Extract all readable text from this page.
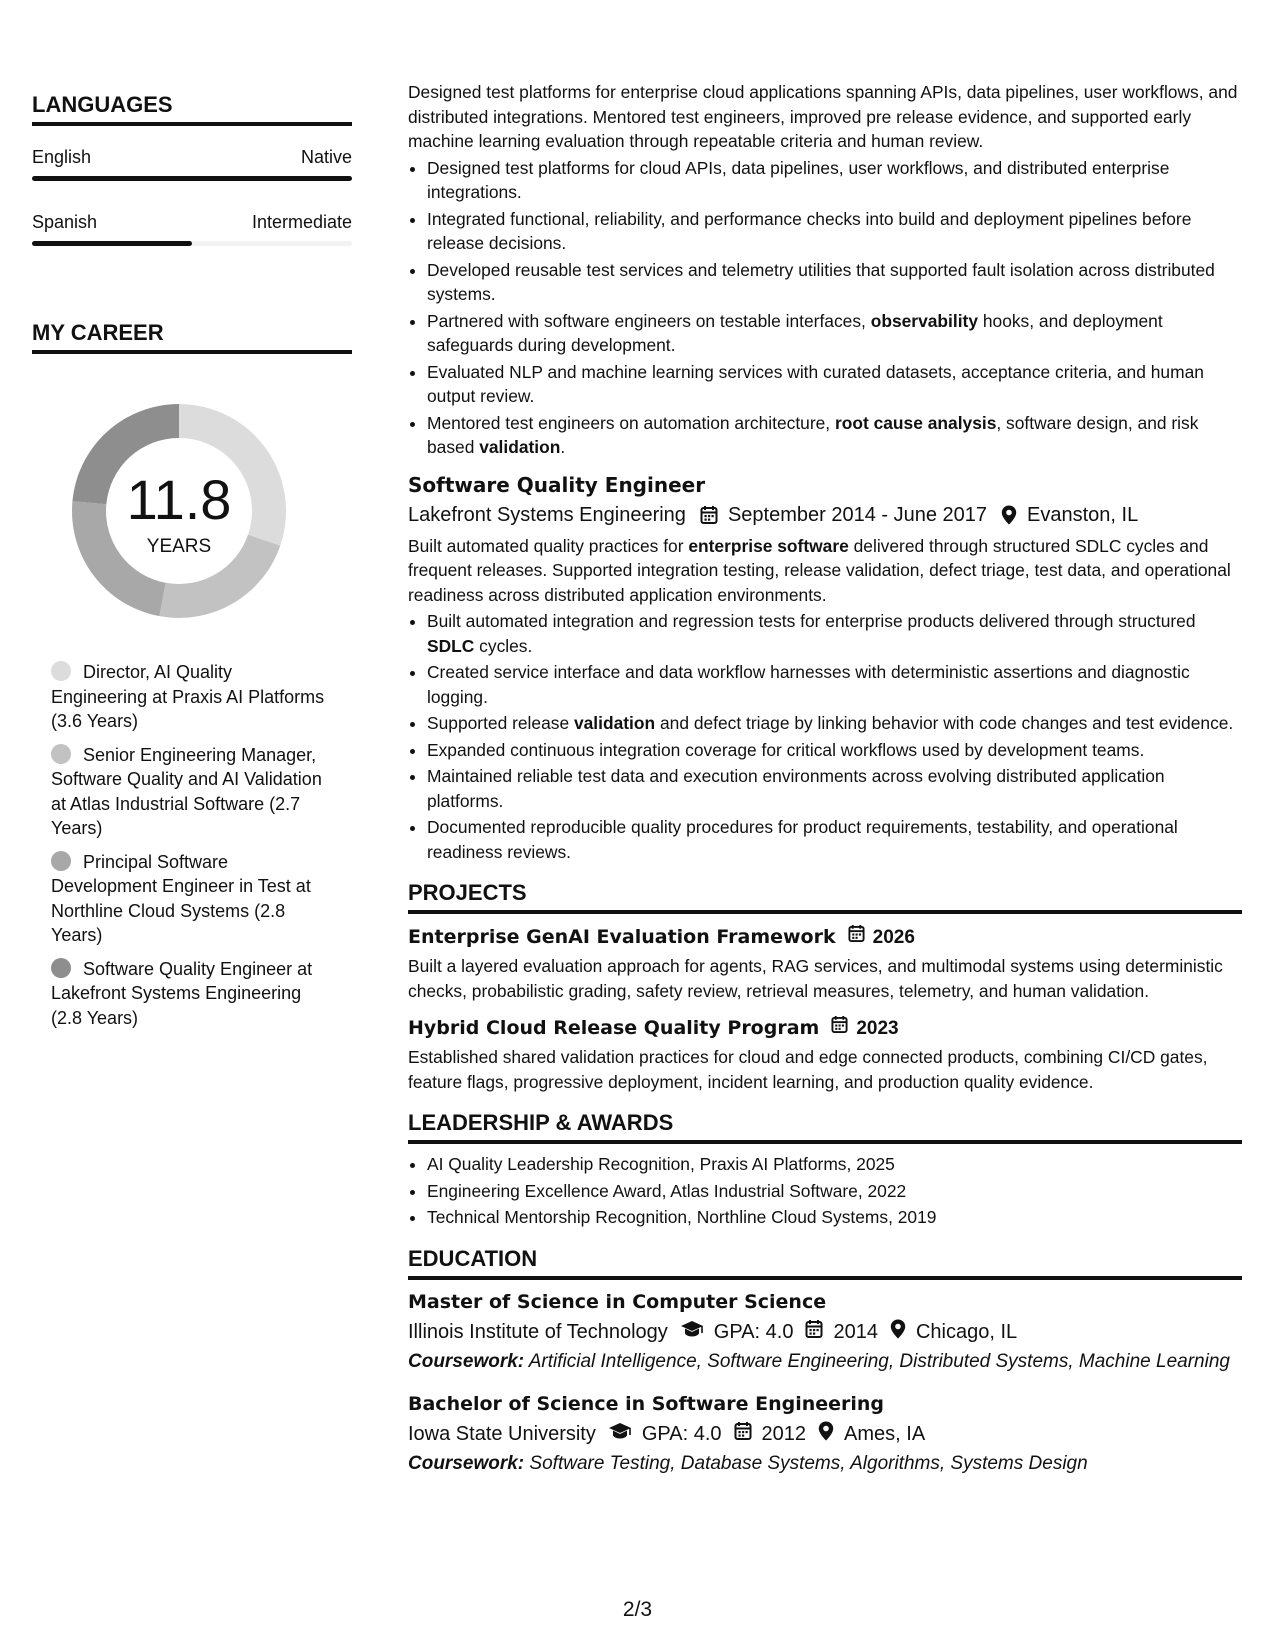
LANGUAGES
English	Native
Spanish	Intermediate
MY CAREER
11.8
YEARS
Director, AI Quality Engineering at Praxis AI Platforms (3.6 Years)
Senior Engineering Manager, Software Quality and AI Validation at Atlas Industrial Software (2.7 Years)
Principal Software Development Engineer in Test at Northline Cloud Systems (2.8 Years)
Software Quality Engineer at Lakefront Systems Engineering (2.8 Years)

Designed test platforms for enterprise cloud applications spanning APIs, data pipelines, user workflows, and distributed integrations. Mentored test engineers, improved pre release evidence, and supported early machine learning evaluation through repeatable criteria and human review.

• Designed test platforms for cloud APIs, data pipelines, user workflows, and distributed enterprise integrations.
• Integrated functional, reliability, and performance checks into build and deployment pipelines before release decisions.
• Developed reusable test services and telemetry utilities that supported fault isolation across distributed systems.
• Partnered with software engineers on testable interfaces, observability hooks, and deployment safeguards during development.
• Evaluated NLP and machine learning services with curated datasets, acceptance criteria, and human output review.
• Mentored test engineers on automation architecture, root cause analysis, software design, and risk based validation.
Software Quality Engineer
Lakefront Systems Engineering September 2014 - June 2017 Evanston, IL

Built automated quality practices for enterprise software delivered through structured SDLC cycles and frequent releases. Supported integration testing, release validation, defect triage, test data, and operational readiness across distributed application environments.

• Built automated integration and regression tests for enterprise products delivered through structured SDLC cycles.
• Created service interface and data workflow harnesses with deterministic assertions and diagnostic logging.
• Supported release validation and defect triage by linking behavior with code changes and test evidence.
• Expanded continuous integration coverage for critical workflows used by development teams.
• Maintained reliable test data and execution environments across evolving distributed application platforms.
• Documented reproducible quality procedures for product requirements, testability, and operational readiness reviews.
PROJECTS
Enterprise GenAI Evaluation Framework 2026

Built a layered evaluation approach for agents, RAG services, and multimodal systems using deterministic checks, probabilistic grading, safety review, retrieval measures, telemetry, and human validation.

Hybrid Cloud Release Quality Program 2023

Established shared validation practices for cloud and edge connected products, combining CI/CD gates, feature flags, progressive deployment, incident learning, and production quality evidence.

LEADERSHIP & AWARDS
• AI Quality Leadership Recognition, Praxis AI Platforms, 2025
• Engineering Excellence Award, Atlas Industrial Software, 2022
• Technical Mentorship Recognition, Northline Cloud Systems, 2019
EDUCATION
Master of Science in Computer Science
Illinois Institute of Technology GPA: 4.0 2014 Chicago, IL
Coursework: Artificial Intelligence, Software Engineering, Distributed Systems, Machine Learning
Bachelor of Science in Software Engineering
Iowa State University GPA: 4.0 2012 Ames, IA
Coursework: Software Testing, Database Systems, Algorithms, Systems Design
2/3
